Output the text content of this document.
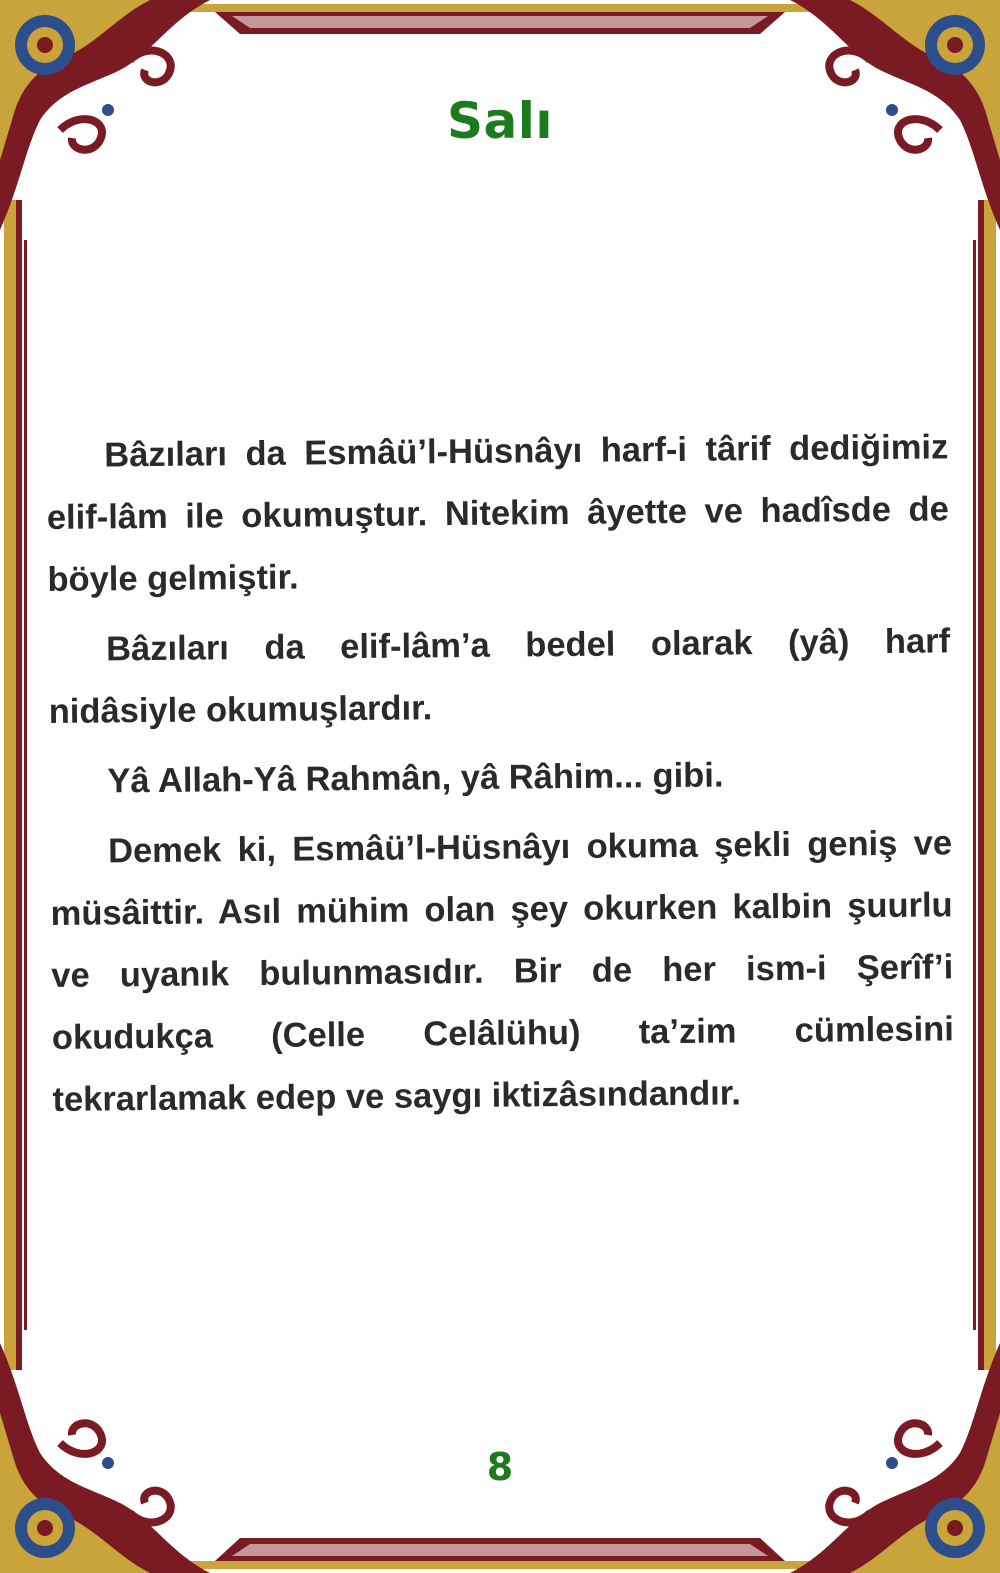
Salı

Bâzıları da Esmâü’l-Hüsnâyı harf-i târif dediğimiz elif-lâm ile okumuştur. Nitekim âyette ve hadîsde de böyle gelmiştir.

Bâzıları da elif-lâm’a bedel olarak (yâ) harf nidâsiyle okumuşlardır.

Yâ Allah-Yâ Rahmân, yâ Râhim... gibi.

Demek ki, Esmâü’l-Hüsnâyı okuma şekli geniş ve müsâittir. Asıl mühim olan şey okurken kalbin şuurlu ve uyanık bulunmasıdır. Bir de her ism-i Şerîf’i okudukça (Celle Celâlühu) ta’zim cümlesini tekrarlamak edep ve saygı iktizâsındandır.

8
